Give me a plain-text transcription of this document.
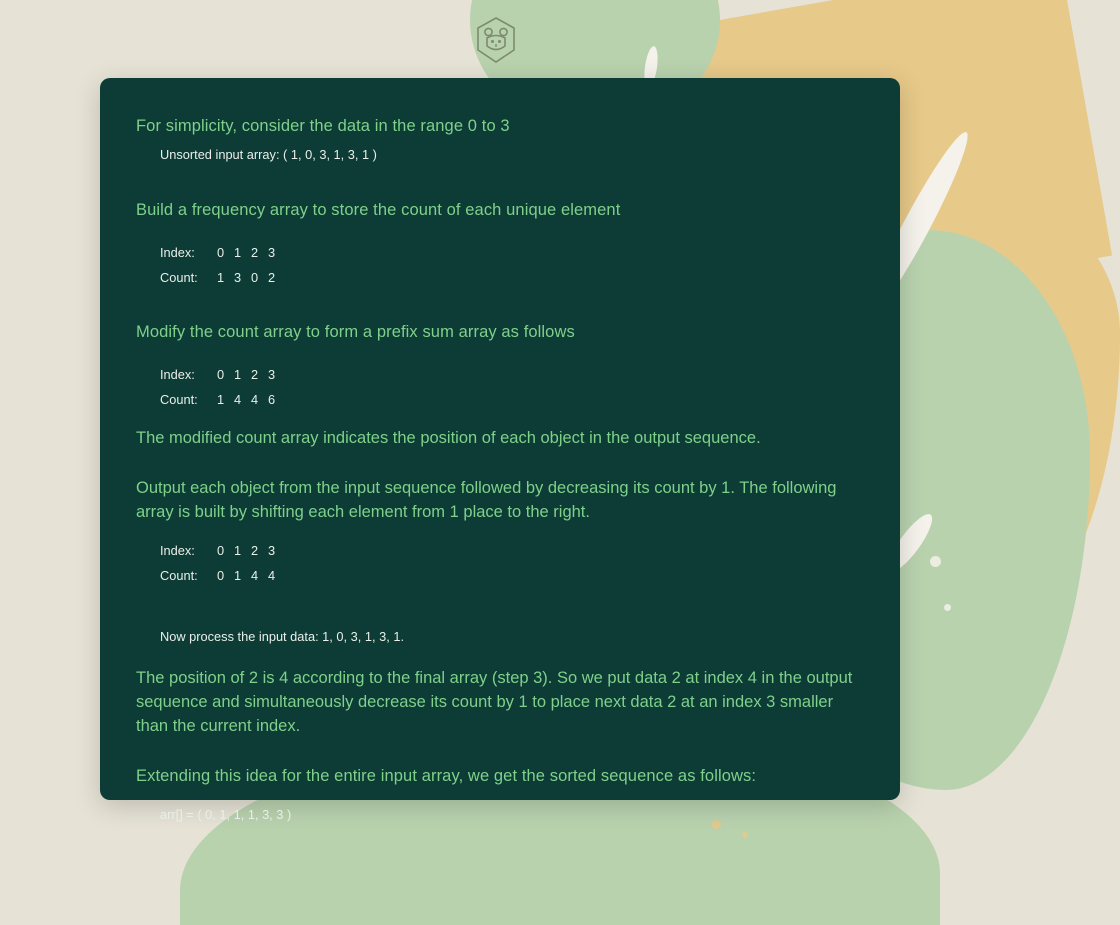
For simplicity, consider the data in the range 0 to 3

Unsorted input array: ( 1, 0, 3, 1, 3, 1 )

Build a frequency array to store the count of each unique element

Index:	0 1 2 3
Count:	1 3 0 2

Modify the count array to form a prefix sum array as follows

Index:	0 1 2 3
Count:	1 4 4 6

The modified count array indicates the position of each object in the output sequence.

Output each object from the input sequence followed by decreasing its count by 1. The following array is built by shifting each element from 1 place to the right.

Index:	0 1 2 3
Count:	0 1 4 4

Now process the input data: 1, 0, 3, 1, 3, 1.

The position of 2 is 4 according to the final array (step 3). So we put data 2 at index 4 in the output sequence and simultaneously decrease its count by 1 to place next data 2 at an index 3 smaller than the current index.

Extending this idea for the entire input array, we get the sorted sequence as follows:

arr[] = ( 0, 1, 1, 1, 3, 3 )
